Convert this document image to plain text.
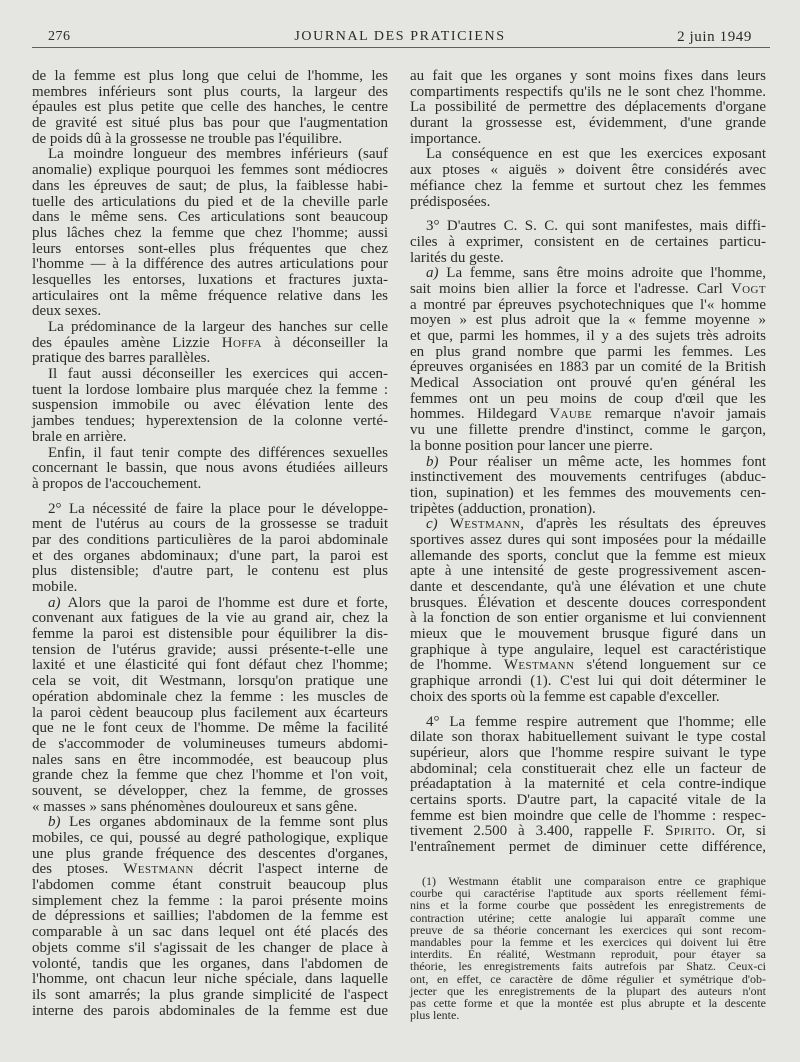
276	JOURNAL DES PRATICIENS	2 juin 1949
de la femme est plus long que celui de l'homme, les
membres inférieurs sont plus courts, la largeur des
épaules est plus petite que celle des hanches, le centre
de gravité est situé plus bas pour que l'augmentation
de poids dû à la grossesse ne trouble pas l'équilibre.
La moindre longueur des membres inférieurs (sauf
anomalie) explique pourquoi les femmes sont médiocres
dans les épreuves de saut; de plus, la faiblesse habi-
tuelle des articulations du pied et de la cheville parle
dans le même sens. Ces articulations sont beaucoup
plus lâches chez la femme que chez l'homme; aussi
leurs entorses sont-elles plus fréquentes que chez
l'homme — à la différence des autres articulations pour
lesquelles les entorses, luxations et fractures juxta-
articulaires ont la même fréquence relative dans les
deux sexes.
La prédominance de la largeur des hanches sur celle
des épaules amène Lizzie Hoffa à déconseiller la
pratique des barres parallèles.
Il faut aussi déconseiller les exercices qui accen-
tuent la lordose lombaire plus marquée chez la femme :
suspension immobile ou avec élévation lente des
jambes tendues; hyperextension de la colonne verté-
brale en arrière.
Enfin, il faut tenir compte des différences sexuelles
concernant le bassin, que nous avons étudiées ailleurs
à propos de l'accouchement.
2° La nécessité de faire la place pour le développe-
ment de l'utérus au cours de la grossesse se traduit
par des conditions particulières de la paroi abdominale
et des organes abdominaux; d'une part, la paroi est
plus distensible; d'autre part, le contenu est plus
mobile.
a) Alors que la paroi de l'homme est dure et forte,
convenant aux fatigues de la vie au grand air, chez la
femme la paroi est distensible pour équilibrer la dis-
tension de l'utérus gravide; aussi présente-t-elle une
laxité et une élasticité qui font défaut chez l'homme;
cela se voit, dit Westmann, lorsqu'on pratique une
opération abdominale chez la femme : les muscles de
la paroi cèdent beaucoup plus facilement aux écarteurs
que ne le font ceux de l'homme. De même la facilité
de s'accommoder de volumineuses tumeurs abdomi-
nales sans en être incommodée, est beaucoup plus
grande chez la femme que chez l'homme et l'on voit,
souvent, se développer, chez la femme, de grosses
« masses » sans phénomènes douloureux et sans gêne.
b) Les organes abdominaux de la femme sont plus
mobiles, ce qui, poussé au degré pathologique, explique
une plus grande fréquence des descentes d'organes,
des ptoses. Westmann décrit l'aspect interne de
l'abdomen comme étant construit beaucoup plus
simplement chez la femme : la paroi présente moins
de dépressions et saillies; l'abdomen de la femme est
comparable à un sac dans lequel ont été placés des
objets comme s'il s'agissait de les changer de place à
volonté, tandis que les organes, dans l'abdomen de
l'homme, ont chacun leur niche spéciale, dans laquelle
ils sont amarrés; la plus grande simplicité de l'aspect
interne des parois abdominales de la femme est due
au fait que les organes y sont moins fixes dans leurs
compartiments respectifs qu'ils ne le sont chez l'homme.
La possibilité de permettre des déplacements d'organe
durant la grossesse est, évidemment, d'une grande
importance.
La conséquence en est que les exercices exposant
aux ptoses « aiguës » doivent être considérés avec
méfiance chez la femme et surtout chez les femmes
prédisposées.
3° D'autres C. S. C. qui sont manifestes, mais diffi-
ciles à exprimer, consistent en de certaines particu-
larités du geste.
a) La femme, sans être moins adroite que l'homme,
sait moins bien allier la force et l'adresse. Carl Vogt
a montré par épreuves psychotechniques que l'« homme
moyen » est plus adroit que la « femme moyenne »
et que, parmi les hommes, il y a des sujets très adroits
en plus grand nombre que parmi les femmes. Les
épreuves organisées en 1883 par un comité de la British
Medical Association ont prouvé qu'en général les
femmes ont un peu moins de coup d'œil que les
hommes. Hildegard Vaube remarque n'avoir jamais
vu une fillette prendre d'instinct, comme le garçon,
la bonne position pour lancer une pierre.
b) Pour réaliser un même acte, les hommes font
instinctivement des mouvements centrifuges (abduc-
tion, supination) et les femmes des mouvements cen-
tripètes (adduction, pronation).
c) Westmann, d'après les résultats des épreuves
sportives assez dures qui sont imposées pour la médaille
allemande des sports, conclut que la femme est mieux
apte à une intensité de geste progressivement ascen-
dante et descendante, qu'à une élévation et une chute
brusques. Élévation et descente douces correspondent
à la fonction de son entier organisme et lui conviennent
mieux que le mouvement brusque figuré dans un
graphique à type angulaire, lequel est caractéristique
de l'homme. Westmann s'étend longuement sur ce
graphique arrondi (1). C'est lui qui doit déterminer le
choix des sports où la femme est capable d'exceller.
4° La femme respire autrement que l'homme; elle
dilate son thorax habituellement suivant le type costal
supérieur, alors que l'homme respire suivant le type
abdominal; cela constituerait chez elle un facteur de
préadaptation à la maternité et cela contre-indique
certains sports. D'autre part, la capacité vitale de la
femme est bien moindre que celle de l'homme : respec-
tivement 2.500 à 3.400, rappelle F. Spirito. Or, si
l'entraînement permet de diminuer cette différence,
(1) Westmann établit une comparaison entre ce graphique
courbe qui caractérise l'aptitude aux sports réellement fémi-
nins et la forme courbe que possèdent les enregistrements de
contraction utérine; cette analogie lui apparaît comme une
preuve de sa théorie concernant les exercices qui sont recom-
mandables pour la femme et les exercices qui doivent lui être
interdits. En réalité, Westmann reproduit, pour étayer sa
théorie, les enregistrements faits autrefois par Shatz. Ceux-ci
ont, en effet, ce caractère de dôme régulier et symétrique d'ob-
jecter que les enregistrements de la plupart des auteurs n'ont
pas cette forme et que la montée est plus abrupte et la descente
plus lente.
